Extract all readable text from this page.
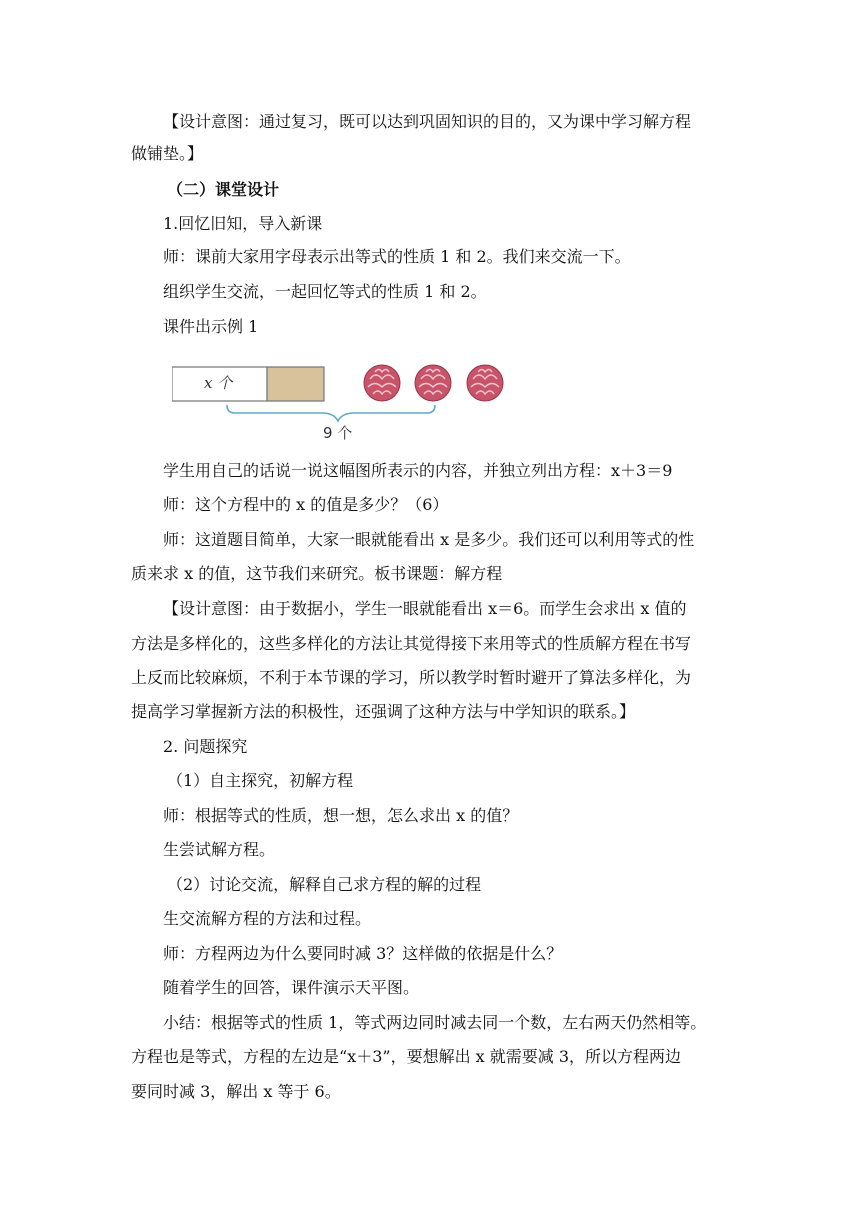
【设计意图：通过复习，既可以达到巩固知识的目的，又为课中学习解方程
做铺垫。】
（二）课堂设计
1.回忆旧知，导入新课
师：课前大家用字母表示出等式的性质 1 和 2。我们来交流一下。
组织学生交流，一起回忆等式的性质 1 和 2。
课件出示例 1
x 个
9 个
学生用自己的话说一说这幅图所表示的内容，并独立列出方程：x＋3＝9
师：这个方程中的 x 的值是多少？（6）
师：这道题目简单，大家一眼就能看出 x 是多少。我们还可以利用等式的性
质来求 x 的值，这节我们来研究。板书课题：解方程
【设计意图：由于数据小，学生一眼就能看出 x＝6。而学生会求出 x 值的
方法是多样化的，这些多样化的方法让其觉得接下来用等式的性质解方程在书写
上反而比较麻烦，不利于本节课的学习，所以教学时暂时避开了算法多样化，为
提高学习掌握新方法的积极性，还强调了这种方法与中学知识的联系。】
2. 问题探究
（1）自主探究，初解方程
师：根据等式的性质，想一想，怎么求出 x 的值？
生尝试解方程。
（2）讨论交流，解释自己求方程的解的过程
生交流解方程的方法和过程。
师：方程两边为什么要同时减 3？这样做的依据是什么？
随着学生的回答，课件演示天平图。
小结：根据等式的性质 1，等式两边同时减去同一个数，左右两天仍然相等。
方程也是等式，方程的左边是“x＋3”，要想解出 x 就需要减 3，所以方程两边
要同时减 3，解出 x 等于 6。
